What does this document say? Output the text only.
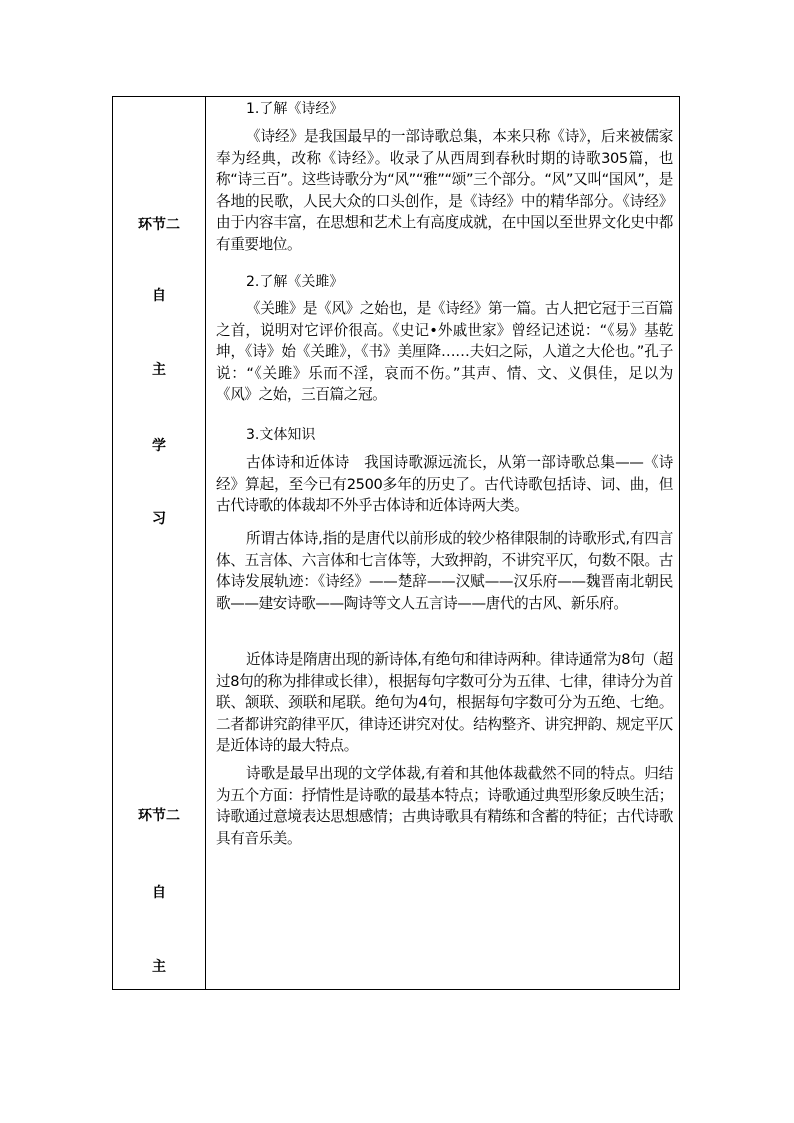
环节二
自
主
学
习
环节二
自
主
1.了解《诗经》

《诗经》是我国最早的一部诗歌总集，本来只称《诗》，后来被儒家奉为经典，改称《诗经》。收录了从西周到春秋时期的诗歌305篇，也称“诗三百”。这些诗歌分为“风”“雅”“颂”三个部分。“风”又叫“国风”，是各地的民歌，人民大众的口头创作，是《诗经》中的精华部分。《诗经》由于内容丰富，在思想和艺术上有高度成就，在中国以至世界文化史中都有重要地位。

2.了解《关雎》

《关雎》是《风》之始也，是《诗经》第一篇。古人把它冠于三百篇之首，说明对它评价很高。《史记•外戚世家》曾经记述说：“《易》基乾坤，《诗》始《关雎》，《书》美厘降……夫妇之际，人道之大伦也。”孔子说：“《关雎》乐而不淫，哀而不伤。”其声、情、文、义俱佳，足以为《风》之始，三百篇之冠。

3.文体知识

古体诗和近体诗　我国诗歌源远流长，从第一部诗歌总集——《诗经》算起，至今已有2500多年的历史了。古代诗歌包括诗、词、曲，但古代诗歌的体裁却不外乎古体诗和近体诗两大类。

所谓古体诗,指的是唐代以前形成的较少格律限制的诗歌形式,有四言体、五言体、六言体和七言体等，大致押韵，不讲究平仄，句数不限。古体诗发展轨迹：《诗经》——楚辞——汉赋——汉乐府——魏晋南北朝民歌——建安诗歌——陶诗等文人五言诗——唐代的古风、新乐府。

近体诗是隋唐出现的新诗体,有绝句和律诗两种。律诗通常为8句（超过8句的称为排律或长律），根据每句字数可分为五律、七律，律诗分为首联、颔联、颈联和尾联。绝句为4句，根据每句字数可分为五绝、七绝。二者都讲究韵律平仄，律诗还讲究对仗。结构整齐、讲究押韵、规定平仄是近体诗的最大特点。

诗歌是最早出现的文学体裁,有着和其他体裁截然不同的特点。归结为五个方面：抒情性是诗歌的最基本特点；诗歌通过典型形象反映生活；诗歌通过意境表达思想感情；古典诗歌具有精练和含蓄的特征；古代诗歌具有音乐美。
